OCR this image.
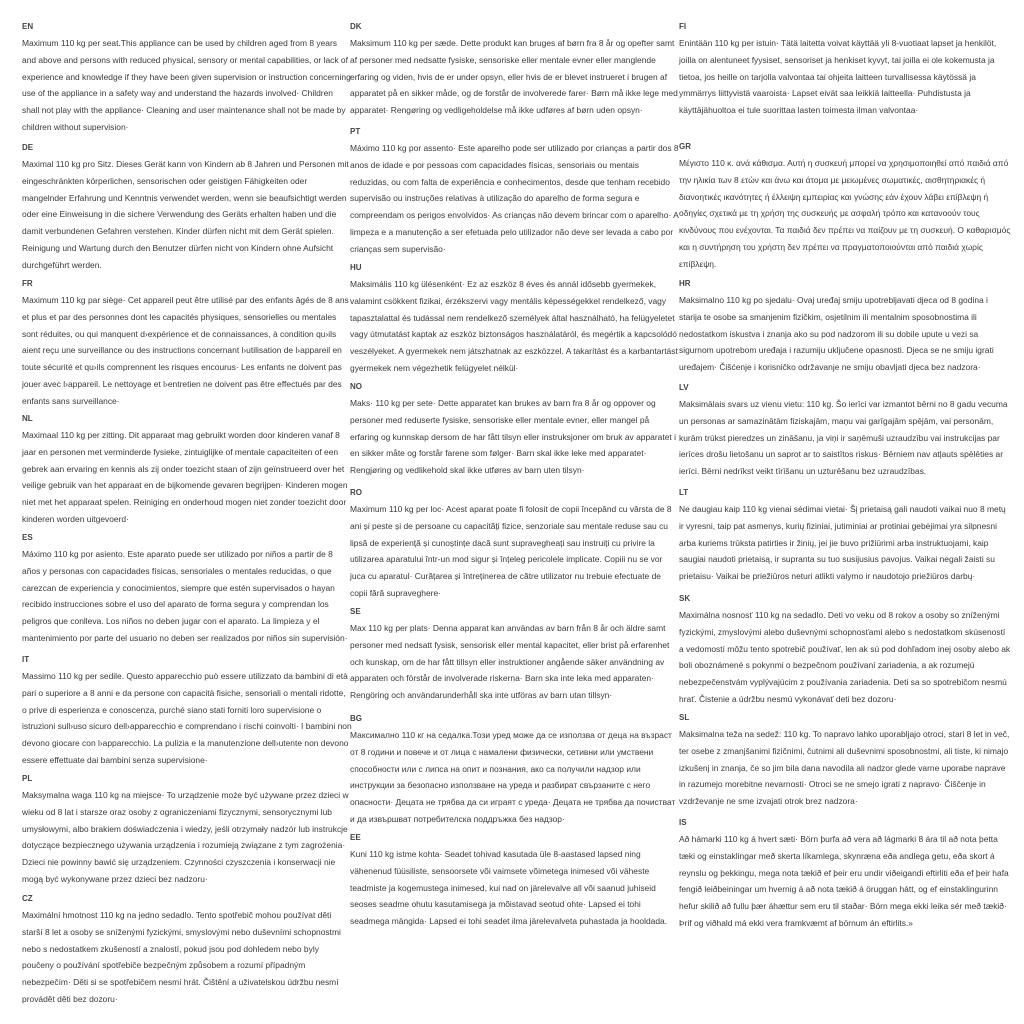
EN

Maximum 110 kg per seat.This appliance can be used by children aged from 8 years and above and persons with reduced physical, sensory or mental capabilities, or lack of experience and knowledge if they have been given supervision or instruction concerning use of the appliance in a safety way and understand the hazards involved· Children shall not play with the appliance· Cleaning and user maintenance shall not be made by children without supervision·

DE

Maximal 110 kg pro Sitz. Dieses Gerät kann von Kindern ab 8 Jahren und Personen mit eingeschränkten körperlichen, sensorischen oder geistigen Fähigkeiten oder mangelnder Erfahrung und Kenntnis verwendet werden, wenn sie beaufsichtigt werden oder eine Einweisung in die sichere Verwendung des Geräts erhalten haben und die damit verbundenen Gefahren verstehen. Kinder dürfen nicht mit dem Gerät spielen. Reinigung und Wartung durch den Benutzer dürfen nicht von Kindern ohne Aufsicht durchgeführt werden.

FR

Maximum 110 kg par siège· Cet appareil peut être utilisé par des enfants âgés de 8 ans et plus et par des personnes dont les capacités physiques, sensorielles ou mentales sont réduites, ou qui manquent d›expérience et de connaissances, à condition qu›ils aient reçu une surveillance ou des instructions concernant l›utilisation de l›appareil en toute sécurité et qu›ils comprennent les risques encourus· Les enfants ne doivent pas jouer avec l›appareil. Le nettoyage et l›entretien ne doivent pas être effectués par des enfants sans surveillance·

NL

Maximaal 110 kg per zitting. Dit apparaat mag gebruikt worden door kinderen vanaf 8 jaar en personen met verminderde fysieke, zintuiglijke of mentale capaciteiten of een gebrek aan ervaring en kennis als zij onder toezicht staan of zijn geïnstrueerd over het veilige gebruik van het apparaat en de bijkomende gevaren begrijpen· Kinderen mogen niet met het apparaat spelen. Reiniging en onderhoud mogen niet zonder toezicht door kinderen worden uitgevoerd·

ES

Máximo 110 kg por asiento. Este aparato puede ser utilizado por niños a partir de 8 años y personas con capacidades físicas, sensoriales o mentales reducidas, o que carezcan de experiencia y conocimientos, siempre que estén supervisados o hayan recibido instrucciones sobre el uso del aparato de forma segura y comprendan los peligros que conlleva. Los niños no deben jugar con el aparato. La limpieza y el mantenimiento por parte del usuario no deben ser realizados por niños sin supervisión·

IT

Massimo 110 kg per sedile. Questo apparecchio può essere utilizzato da bambini di età pari o superiore a 8 anni e da persone con capacità fisiche, sensoriali o mentali ridotte, o prive di esperienza e conoscenza, purché siano stati forniti loro supervisione o istruzioni sull›uso sicuro dell›apparecchio e comprendano i rischi coinvolti· I bambini non devono giocare con l›apparecchio. La pulizia e la manutenzione dell›utente non devono essere effettuate dai bambini senza supervisione·

PL

Maksymalna waga 110 kg na miejsce· To urządzenie może być używane przez dzieci w wieku od 8 lat i starsze oraz osoby z ograniczeniami fizycznymi, sensorycznymi lub umysłowymi, albo brakiem doświadczenia i wiedzy, jeśli otrzymały nadzór lub instrukcje dotyczące bezpiecznego używania urządzenia i rozumieją związane z tym zagrożenia· Dzieci nie powinny bawić się urządzeniem. Czynności czyszczenia i konserwacji nie mogą być wykonywane przez dzieci bez nadzoru·

CZ

Maximální hmotnost 110 kg na jedno sedadlo. Tento spotřebič mohou používat děti starší 8 let a osoby se sníženými fyzickými, smyslovými nebo duševními schopnostmi nebo s nedostatkem zkušeností a znalostí, pokud jsou pod dohledem nebo byly poučeny o používání spotřebiče bezpečným způsobem a rozumí případným nebezpečím· Děti si se spotřebičem nesmí hrát. Čištění a uživatelskou údržbu nesmí provádět děti bez dozoru·

DK

Maksimum 110 kg per sæde. Dette produkt kan bruges af børn fra 8 år og opefter samt af personer med nedsatte fysiske, sensoriske eller mentale evner eller manglende erfaring og viden, hvis de er under opsyn, eller hvis de er blevet instrueret i brugen af apparatet på en sikker måde, og de forstår de involverede farer· Børn må ikke lege med apparatet· Rengøring og vedligeholdelse må ikke udføres af børn uden opsyn·

PT

Máximo 110 kg por assento· Este aparelho pode ser utilizado por crianças a partir dos 8 anos de idade e por pessoas com capacidades físicas, sensoriais ou mentais reduzidas, ou com falta de experiência e conhecimentos, desde que tenham recebido supervisão ou instruções relativas à utilização do aparelho de forma segura e compreendam os perigos envolvidos· As crianças não devem brincar com o aparelho· A limpeza e a manutenção a ser efetuada pelo utilizador não deve ser levada a cabo por crianças sem supervisão·

HU

Maksimális 110 kg ülésenként· Ez az eszköz 8 éves és annál idősebb gyermekek, valamint csökkent fizikai, érzékszervi vagy mentális képességekkel rendelkező, vagy tapasztalattal és tudással nem rendelkező személyek által használható, ha felügyeletet vagy útmutatást kaptak az eszköz biztonságos használatáról, és megértik a kapcsolódó veszélyeket. A gyermekek nem játszhatnak az eszközzel. A takarítást és a karbantartást gyermekek nem végezhetik felügyelet nélkül·

NO

Maks· 110 kg per sete· Dette apparatet kan brukes av barn fra 8 år og oppover og personer med reduserte fysiske, sensoriske eller mentale evner, eller mangel på erfaring og kunnskap dersom de har fått tilsyn eller instruksjoner om bruk av apparatet i en sikker måte og forstår farene som følger· Barn skal ikke leke med apparatet· Rengjøring og vedlikehold skal ikke utføres av barn uten tilsyn·

RO

Maximum 110 kg per loc· Acest aparat poate fi folosit de copii începând cu vârsta de 8 ani și peste și de persoane cu capacități fizice, senzoriale sau mentale reduse sau cu lipsă de experiență și cunoștințe dacă sunt supravegheați sau instruiți cu privire la utilizarea aparatului într-un mod sigur și înțeleg pericolele implicate. Copiii nu se vor juca cu aparatul· Curățarea și întreținerea de către utilizator nu trebuie efectuate de copii fără supraveghere·

SE

Max 110 kg per plats· Denna apparat kan användas av barn från 8 år och äldre samt personer med nedsatt fysisk, sensorisk eller mental kapacitet, eller brist på erfarenhet och kunskap, om de har fått tillsyn eller instruktioner angående säker användning av apparaten och förstår de involverade riskerna· Barn ska inte leka med apparaten· Rengöring och användarunderhåll ska inte utföras av barn utan tillsyn·

BG

Максимално 110 кг на седалка.Този уред може да се използва от деца на възраст от 8 години и повече и от лица с намалени физически, сетивни или умствени способности или с липса на опит и познания, ако са получили надзор или инструкции за безопасно използване на уреда и разбират свързаните с него опасности· Децата не трябва да си играят с уреда· Децата не трябва да почистват и да извършват потребителска поддръжка без надзор·

EE

Kuni 110 kg istme kohta· Seadet tohivad kasutada üle 8-aastased lapsed ning vähenenud füüsiliste, sensoorsete või vaimsete võimetega inimesed või väheste teadmiste ja kogemustega inimesed, kui nad on järelevalve all või saanud juhiseid seoses seadme ohutu kasutamisega ja mõistavad seotud ohte· Lapsed ei tohi seadmega mängida· Lapsed ei tohi seadet ilma järelevalveta puhastada ja hooldada.

FI

Enintään 110 kg per istuin· Tätä laitetta voivat käyttää yli 8-vuotiaat lapset ja henkilöt, joilla on alentuneet fyysiset, sensoriset ja henkiset kyvyt, tai joilla ei ole kokemusta ja tietoa, jos heille on tarjolla valvontaa tai ohjeita laitteen turvallisessa käytössä ja ymmärrys liittyvistä vaaroista· Lapset eivät saa leikkiä laitteella· Puhdistusta ja käyttäjähuoltoa ei tule suorittaa lasten toimesta ilman valvontaa·

GR

Μέγιστο 110 κ. ανά κάθισμα. Αυτή η συσκευή μπορεί να χρησιμοποιηθεί από παιδιά από την ηλικία των 8 ετών και άνω και άτομα με μειωμένες σωματικές, αισθητηριακές ή διανοητικές ικανότητες ή έλλειψη εμπειρίας και γνώσης εάν έχουν λάβει επίβλεψη ή οδηγίες σχετικά με τη χρήση της συσκευής με ασφαλή τρόπο και κατανοούν τους κινδύνους που ενέχονται. Τα παιδιά δεν πρέπει να παίζουν με τη συσκευή. Ο καθαρισμός και η συντήρηση του χρήστη δεν πρέπει να πραγματοποιούνται από παιδιά χωρίς επίβλεψη.

HR

Maksimalno 110 kg po sjedalu· Ovaj uređaj smiju upotrebljavati djeca od 8 godina i starija te osobe sa smanjenim fizičkim, osjetilnim ili mentalnim sposobnostima ili nedostatkom iskustva i znanja ako su pod nadzorom ili su dobile upute u vezi sa sigurnom upotrebom uređaja i razumiju uključene opasnosti. Djeca se ne smiju igrati uređajem· Čišćenje i korisničko održavanje ne smiju obavljati djeca bez nadzora·

LV

Maksimālais svars uz vienu vietu: 110 kg. Šo ierīci var izmantot bērni no 8 gadu vecuma un personas ar samazinātām fiziskajām, maņu vai garīgajām spējām, vai personām, kurām trūkst pieredzes un zināšanu, ja viņi ir saņēmuši uzraudzību vai instrukcijas par ierīces drošu lietošanu un saprot ar to saistītos riskus· Bērniem nav atļauts spēlēties ar ierīci. Bērni nedrīkst veikt tīrīšanu un uzturēšanu bez uzraudzības.

LT

Ne daugiau kaip 110 kg vienai sėdimai vietai· Šį prietaisą gali naudoti vaikai nuo 8 metų ir vyresni, taip pat asmenys, kurių fiziniai, jutiminiai ar protiniai gebėjimai yra silpnesni arba kuriems trūksta patirties ir žinių, jei jie buvo prižiūrimi arba instruktuojami, kaip saugiai naudoti prietaisą, ir supranta su tuo susijusius pavojus. Vaikai negali žaisti su prietaisu· Vaikai be priežiūros neturi atlikti valymo ir naudotojo priežiūros darbų·

SK

Maximálna nosnosť 110 kg na sedadlo. Deti vo veku od 8 rokov a osoby so zníženými fyzickými, zmyslovými alebo duševnými schopnosťami alebo s nedostatkom skúseností a vedomostí môžu tento spotrebič používať, len ak sú pod dohľadom inej osoby alebo ak boli oboznámené s pokynmi o bezpečnom používaní zariadenia, a ak rozumejú nebezpečenstvám vyplývajúcim z používania zariadenia. Deti sa so spotrebičom nesmú hrať. Čistenie a údržbu nesmú vykonávať deti bez dozoru·

SL

Maksimalna teža na sedež: 110 kg. To napravo lahko uporabljajo otroci, stari 8 let in več, ter osebe z zmanjšanimi fizičnimi, čutnimi ali duševnimi sposobnostmi, ali tiste, ki nimajo izkušenj in znanja, če so jim bila dana navodila ali nadzor glede varne uporabe naprave in razumejo morebitne nevarnosti· Otroci se ne smejo igrati z napravo· Čiščenje in vzdrževanje ne sme izvajati otrok brez nadzora·

IS

Að hámarki 110 kg á hvert sæti· Börn þurfa að vera að lágmarki 8 ára til að nota þetta tæki og einstaklingar með skerta líkamlega, skynræna eða andlega getu, eða skort á reynslu og þekkingu, mega nota tækið ef þeir eru undir viðeigandi eftirliti eða ef þeir hafa fengið leiðbeiningar um hvernig á að nota tækið á öruggan hátt, og ef einstaklingurinn hefur skilið að fullu þær áhættur sem eru til staðar· Börn mega ekki leika sér með tækið· Þrif og viðhald má ekki vera framkvæmt af börnum án eftirlits.»
